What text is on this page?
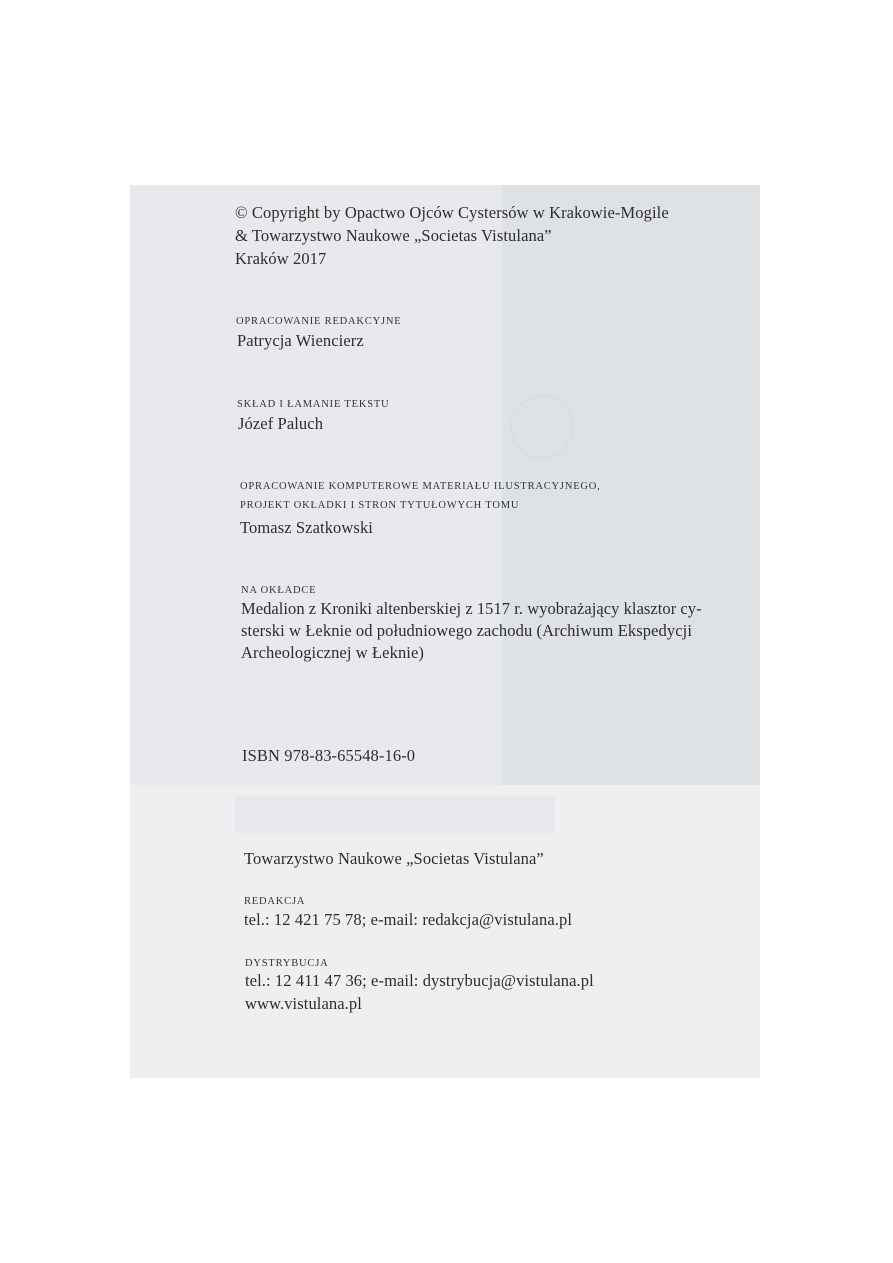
© Copyright by Opactwo Ojców Cystersów w Krakowie-Mogile
& Towarzystwo Naukowe „Societas Vistulana”
Kraków 2017
OPRACOWANIE REDAKCYJNE
Patrycja Wiencierz
SKŁAD I ŁAMANIE TEKSTU
Józef Paluch
OPRACOWANIE KOMPUTEROWE MATERIAŁU ILUSTRACYJNEGO,
PROJEKT OKŁADKI I STRON TYTUŁOWYCH TOMU
Tomasz Szatkowski
NA OKŁADCE
Medalion z Kroniki altenberskiej z 1517 r. wyobrażający klasztor cy-
sterski w Łeknie od południowego zachodu (Archiwum Ekspedycji
Archeologicznej w Łeknie)
ISBN 978-83-65548-16-0
Towarzystwo Naukowe „Societas Vistulana”
REDAKCJA
tel.: 12 421 75 78; e-mail: redakcja@vistulana.pl
DYSTRYBUCJA
tel.: 12 411 47 36; e-mail: dystrybucja@vistulana.pl
www.vistulana.pl
